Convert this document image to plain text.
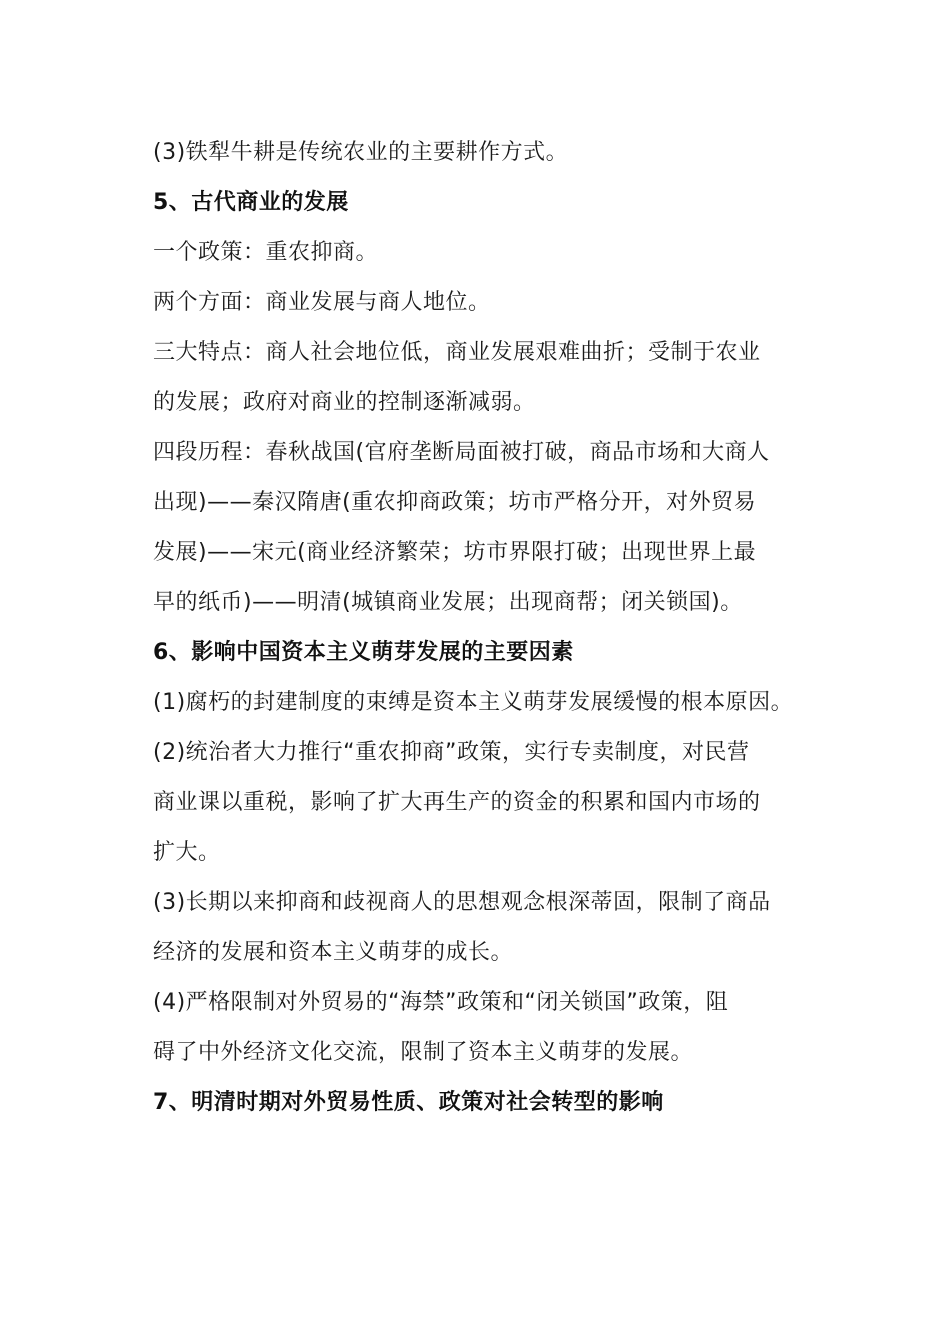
(3)铁犁牛耕是传统农业的主要耕作方式。
5、古代商业的发展
一个政策：重农抑商。
两个方面：商业发展与商人地位。
三大特点：商人社会地位低，商业发展艰难曲折；受制于农业
的发展；政府对商业的控制逐渐减弱。
四段历程：春秋战国(官府垄断局面被打破，商品市场和大商人
出现)——秦汉隋唐(重农抑商政策；坊市严格分开，对外贸易
发展)——宋元(商业经济繁荣；坊市界限打破；出现世界上最
早的纸币)——明清(城镇商业发展；出现商帮；闭关锁国)。
6、影响中国资本主义萌芽发展的主要因素
(1)腐朽的封建制度的束缚是资本主义萌芽发展缓慢的根本原因。
(2)统治者大力推行“重农抑商”政策，实行专卖制度，对民营
商业课以重税，影响了扩大再生产的资金的积累和国内市场的
扩大。
(3)长期以来抑商和歧视商人的思想观念根深蒂固，限制了商品
经济的发展和资本主义萌芽的成长。
(4)严格限制对外贸易的“海禁”政策和“闭关锁国”政策，阻
碍了中外经济文化交流，限制了资本主义萌芽的发展。
7、明清时期对外贸易性质、政策对社会转型的影响
